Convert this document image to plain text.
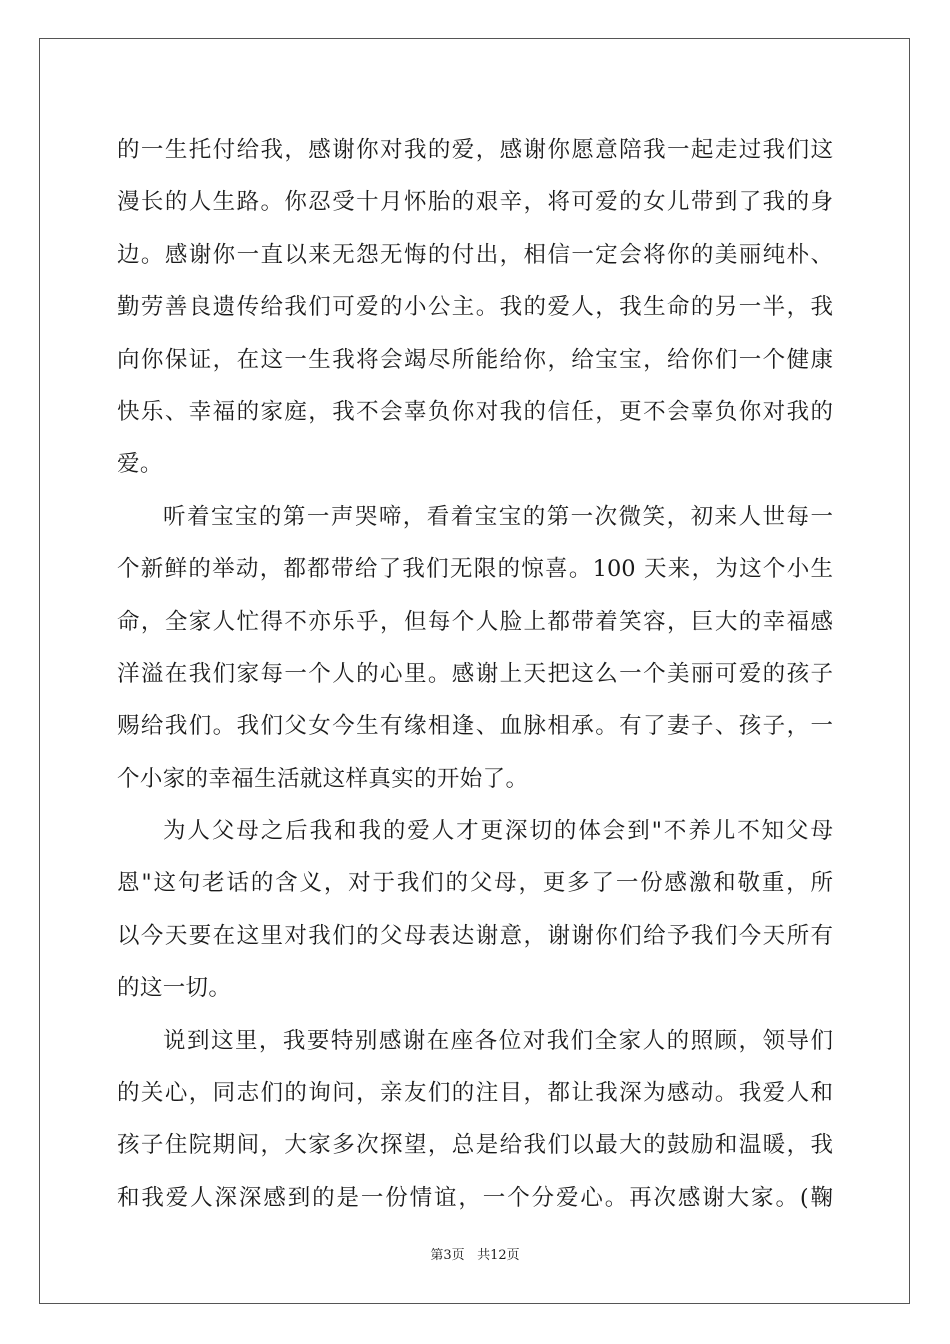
的一生托付给我，感谢你对我的爱，感谢你愿意陪我一起走过我们这
漫长的人生路。你忍受十月怀胎的艰辛，将可爱的女儿带到了我的身
边。感谢你一直以来无怨无悔的付出，相信一定会将你的美丽纯朴、
勤劳善良遗传给我们可爱的小公主。我的爱人，我生命的另一半，我
向你保证，在这一生我将会竭尽所能给你，给宝宝，给你们一个健康
快乐、幸福的家庭，我不会辜负你对我的信任，更不会辜负你对我的
爱。
听着宝宝的第一声哭啼，看着宝宝的第一次微笑，初来人世每一
个新鲜的举动，都都带给了我们无限的惊喜。100 天来，为这个小生
命，全家人忙得不亦乐乎，但每个人脸上都带着笑容，巨大的幸福感
洋溢在我们家每一个人的心里。感谢上天把这么一个美丽可爱的孩子
赐给我们。我们父女今生有缘相逢、血脉相承。有了妻子、孩子，一
个小家的幸福生活就这样真实的开始了。
为人父母之后我和我的爱人才更深切的体会到"不养儿不知父母
恩"这句老话的含义，对于我们的父母，更多了一份感激和敬重，所
以今天要在这里对我们的父母表达谢意，谢谢你们给予我们今天所有
的这一切。
说到这里，我要特别感谢在座各位对我们全家人的照顾，领导们
的关心，同志们的询问，亲友们的注目，都让我深为感动。我爱人和
孩子住院期间，大家多次探望，总是给我们以最大的鼓励和温暖，我
和我爱人深深感到的是一份情谊，一个分爱心。再次感谢大家。(鞠
第3页 共12页
